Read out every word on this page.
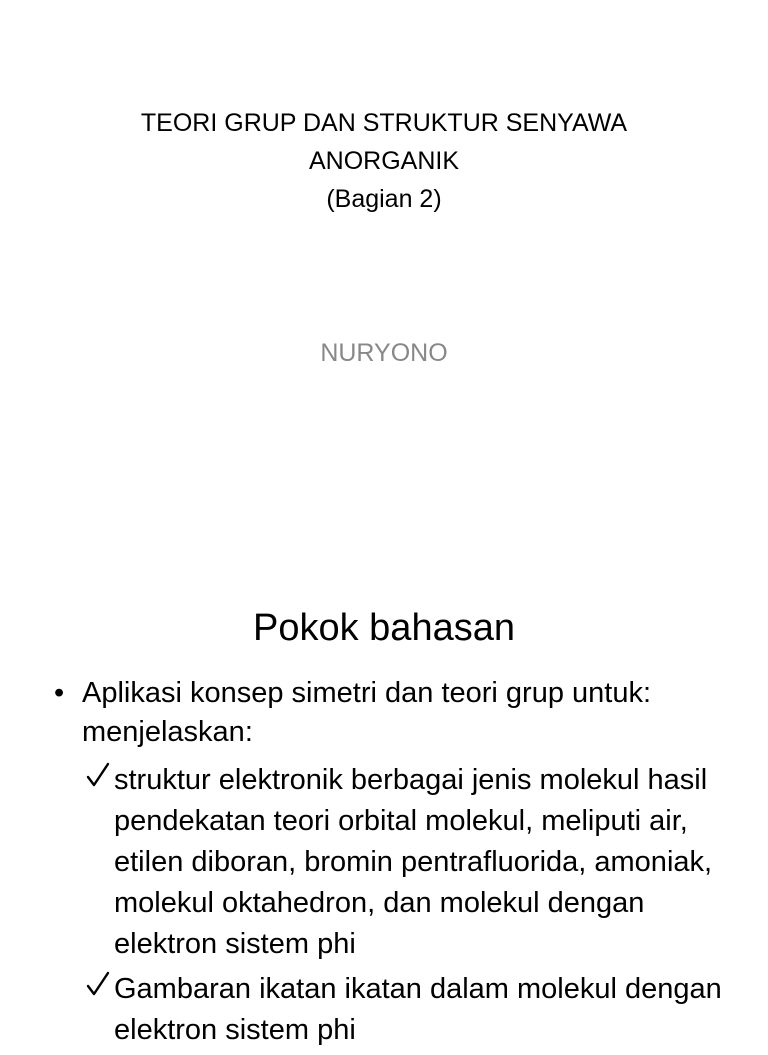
TEORI GRUP DAN STRUKTUR SENYAWA
ANORGANIK
(Bagian 2)
NURYONO
Pokok bahasan
• Aplikasi konsep simetri dan teori grup untuk: menjelaskan:
struktur elektronik berbagai jenis molekul hasil pendekatan teori orbital molekul, meliputi air, etilen diboran, bromin pentrafluorida, amoniak, molekul oktahedron, dan molekul dengan elektron sistem phi
Gambaran ikatan ikatan dalam molekul dengan elektron sistem phi
